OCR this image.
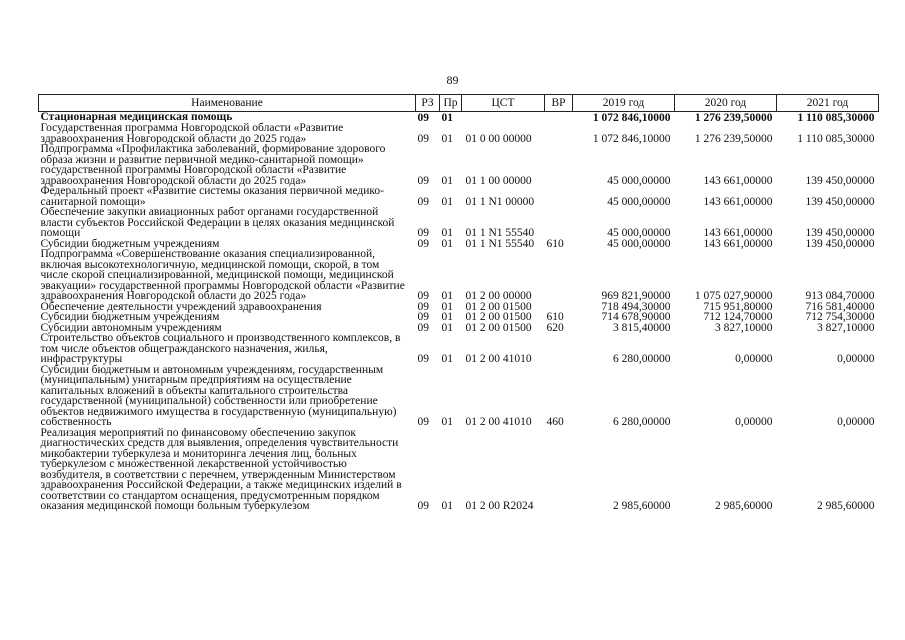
89
Наименование	РЗ	Пр	ЦСТ	ВР	2019 год	2020 год	2021 год
Стационарная медицинская помощь	09	01			1 072 846,10000	1 276 239,50000	1 110 085,30000
Государственная программа Новгородской области «Развитие здравоохранения Новгородской области до 2025 года»	09	01	01 0 00 00000		1 072 846,10000	1 276 239,50000	1 110 085,30000
Подпрограмма «Профилактика заболеваний, формирование здорового образа жизни и развитие первичной медико-санитарной помощи» государственной программы Новгородской области «Развитие здравоохранения Новгородской области до 2025 года»	09	01	01 1 00 00000		45 000,00000	143 661,00000	139 450,00000
Федеральный проект «Развитие системы оказания первичной медико-санитарной помощи»	09	01	01 1 N1 00000		45 000,00000	143 661,00000	139 450,00000
Обеспечение закупки авиационных работ органами государственной власти субъектов Российской Федерации в целях оказания медицинской помощи	09	01	01 1 N1 55540		45 000,00000	143 661,00000	139 450,00000
Субсидии бюджетным учреждениям	09	01	01 1 N1 55540	610	45 000,00000	143 661,00000	139 450,00000
Подпрограмма «Совершенствование оказания специализированной, включая высокотехнологичную, медицинской помощи, скорой, в том числе скорой специализированной, медицинской помощи, медицинской эвакуации» государственной программы Новгородской области «Развитие здравоохранения Новгородской области до 2025 года»	09	01	01 2 00 00000		969 821,90000	1 075 027,90000	913 084,70000
Обеспечение деятельности учреждений здравоохранения	09	01	01 2 00 01500		718 494,30000	715 951,80000	716 581,40000
Субсидии бюджетным учреждениям	09	01	01 2 00 01500	610	714 678,90000	712 124,70000	712 754,30000
Субсидии автономным учреждениям	09	01	01 2 00 01500	620	3 815,40000	3 827,10000	3 827,10000
Строительство объектов социального и производственного комплексов, в том числе объектов общегражданского назначения, жилья, инфраструктуры	09	01	01 2 00 41010		6 280,00000	0,00000	0,00000
Субсидии бюджетным и автономным учреждениям, государственным (муниципальным) унитарным предприятиям на осуществление капитальных вложений в объекты капитального строительства государственной (муниципальной) собственности или приобретение объектов недвижимого имущества в государственную (муниципальную) собственность	09	01	01 2 00 41010	460	6 280,00000	0,00000	0,00000
Реализация мероприятий по финансовому обеспечению закупок диагностических средств для выявления, определения чувствительности микобактерии туберкулеза и мониторинга лечения лиц, больных туберкулезом с множественной лекарственной устойчивостью возбудителя, в соответствии с перечнем, утвержденным Министерством здравоохранения Российской Федерации, а также медицинских изделий в соответствии со стандартом оснащения, предусмотренным порядком оказания медицинской помощи больным туберкулезом	09	01	01 2 00 R2024		2 985,60000	2 985,60000	2 985,60000
